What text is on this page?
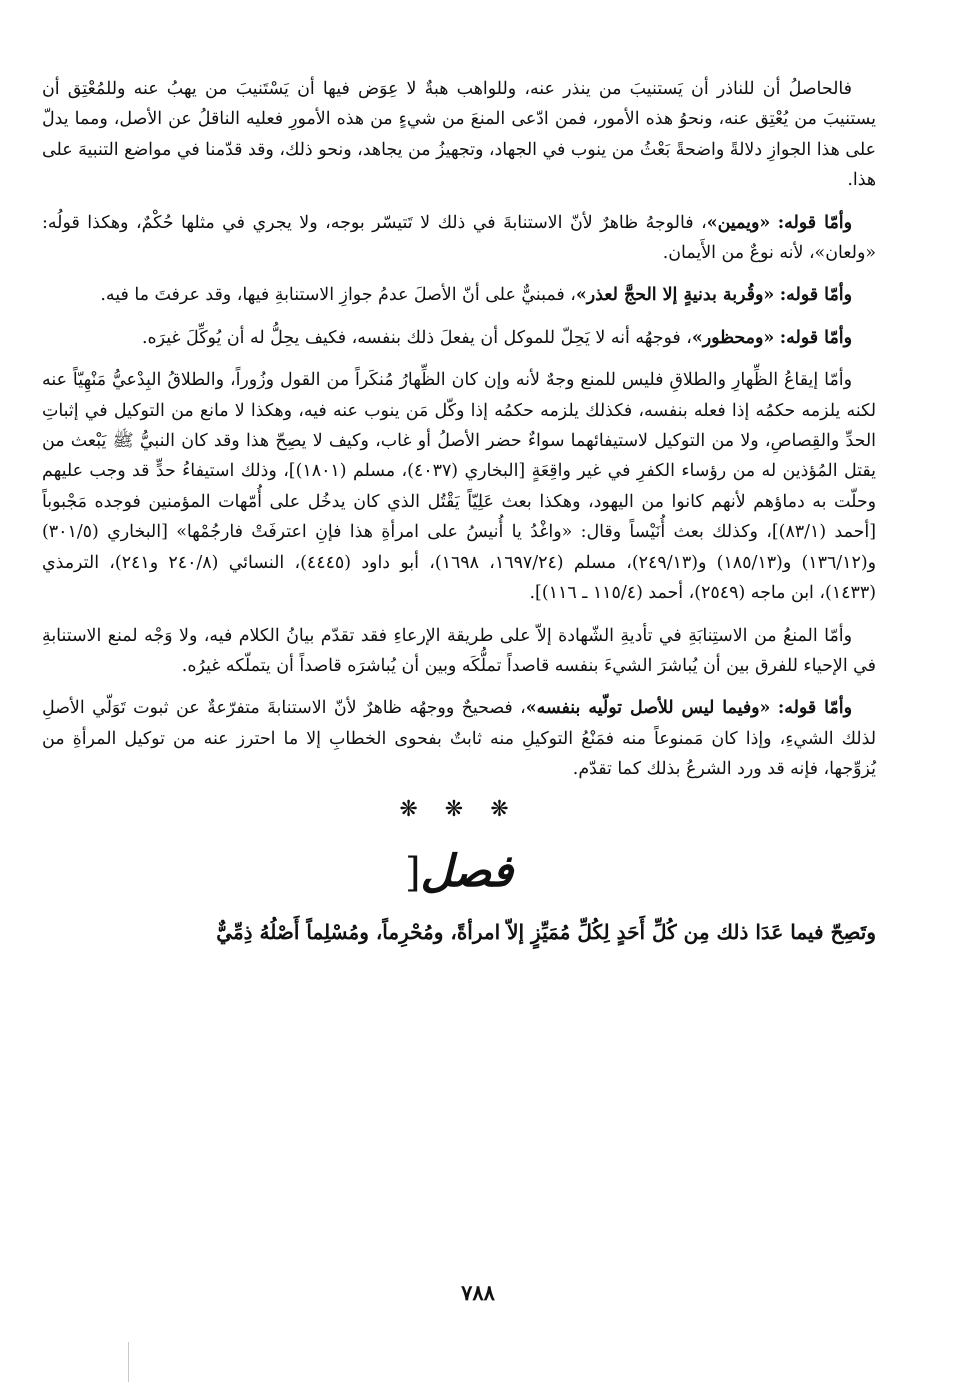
فالحاصلُ أن للناذر أن يَستنيبَ من ينذر عنه، وللواهب هبةٌ لا عِوَض فيها أن يَسْتَنيبَ من يهبُ عنه وللمُعْتِق أن يستنيبَ من يُعْتِق عنه، ونحوُ هذه الأمور، فمن ادّعى المنعَ من شيءٍ من هذه الأمورِ فعليه الناقلُ عن الأصل، ومما يدلّ على هذا الجوازِ دلالةً واضحةً بَعْثُ من ينوب في الجهاد، وتجهيزُ من يجاهد، ونحو ذلك، وقد قدّمنا في مواضع التنبيهَ على هذا.

وأمّا قوله: «ويمين»، فالوجهُ ظاهرٌ لأنّ الاستنابةَ في ذلك لا تَتيسّر بوجه، ولا يجري في مثلها حُكْمٌ، وهكذا قولُه: «ولعان»، لأنه نوعٌ من الأَيمان.

وأمّا قوله: «وقُربة بدنيةٍ إلا الحجَّ لعذر»، فمبنيٌّ على أنّ الأصلَ عدمُ جوازِ الاستنابةِ فيها، وقد عرفتَ ما فيه.

وأمّا قوله: «ومحظور»، فوجهُه أنه لا يَحِلّ للموكل أن يفعلَ ذلك بنفسه، فكيف يحِلُّ له أن يُوكِّلَ غيرَه.

وأمّا إيقاعُ الظِّهارِ والطلاقِ فليس للمنع وجهٌ لأنه وإن كان الظِّهارُ مُنكَراً من القول وزُوراً، والطلاقُ البِدْعيُّ مَنْهِيّاً عنه لكنه يلزمه حكمُه إذا فعله بنفسه، فكذلك يلزمه حكمُه إذا وكّل مَن ينوب عنه فيه، وهكذا لا مانع من التوكيل في إثباتِ الحدِّ والقِصاصِ، ولا من التوكيل لاستيفائهما سواءٌ حضر الأصلُ أو غاب، وكيف لا يصِحّ هذا وقد كان النبيُّ ﷺ يَبْعث من يقتل المُؤذين له من رؤساء الكفرِ في غير واقِعَةٍ [البخاري (٤٠٣٧)، مسلم (١٨٠١)]، وذلك استيفاءُ حدٍّ قد وجب عليهم وحلّت به دماؤهم لأنهم كانوا من اليهود، وهكذا بعث عَلِيّاً يَقْتُل الذي كان يدخُل على أُمّهات المؤمنين فوجده مَجْبوباً [أحمد (٨٣/١)]، وكذلك بعث أُنَيْساً وقال: «واغْدُ يا أُنيسُ على امرأةِ هذا فإنِ اعترفَتْ فارجُمْها» [البخاري (٣٠١/٥) و(١٣٦/١٢) و(١٨٥/١٣) و(٢٤٩/١٣)، مسلم (١٦٩٧/٢٤، ١٦٩٨)، أبو داود (٤٤٤٥)، النسائي (٢٤٠/٨ و٢٤١)، الترمذي (١٤٣٣)، ابن ماجه (٢٥٤٩)، أحمد (١١٥/٤ ـ ١١٦)].

وأمّا المنعُ من الاستِنابَةِ في تأديةِ الشّهادة إلاّ على طريقة الإرعاءِ فقد تقدّم بيانُ الكلام فيه، ولا وَجْه لمنع الاستنابةِ في الإحياء للفرق بين أن يُباشرَ الشيءَ بنفسه قاصداً تملُّكَه وبين أن يُباشرَه قاصداً أن يتملّكه غيرُه.

وأمّا قوله: «وفيما ليس للأصل تولّيه بنفسه»، فصحيحٌ ووجهُه ظاهرٌ لأنّ الاستنابةَ متفرّعةٌ عن ثبوت تَوَلّي الأصلِ لذلك الشيءِ، وإذا كان مَمنوعاً منه فمَنْعُ التوكيلِ منه ثابتٌ بفحوى الخطابِ إلا ما احترز عنه من توكيل المرأةِ من يُزوِّجها، فإنه قد ورد الشرعُ بذلك كما تقدّم.

❋ ❋ ❋
فصل[
وتَصِحّ فيما عَدَا ذلك مِن كُلِّ أَحَدٍ لِكُلِّ مُمَيِّزٍ إلاّ امرأةً، ومُحْرِماً، ومُسْلِماً أَصْلُهُ ذِمِّيٌّ
٧٨٨
